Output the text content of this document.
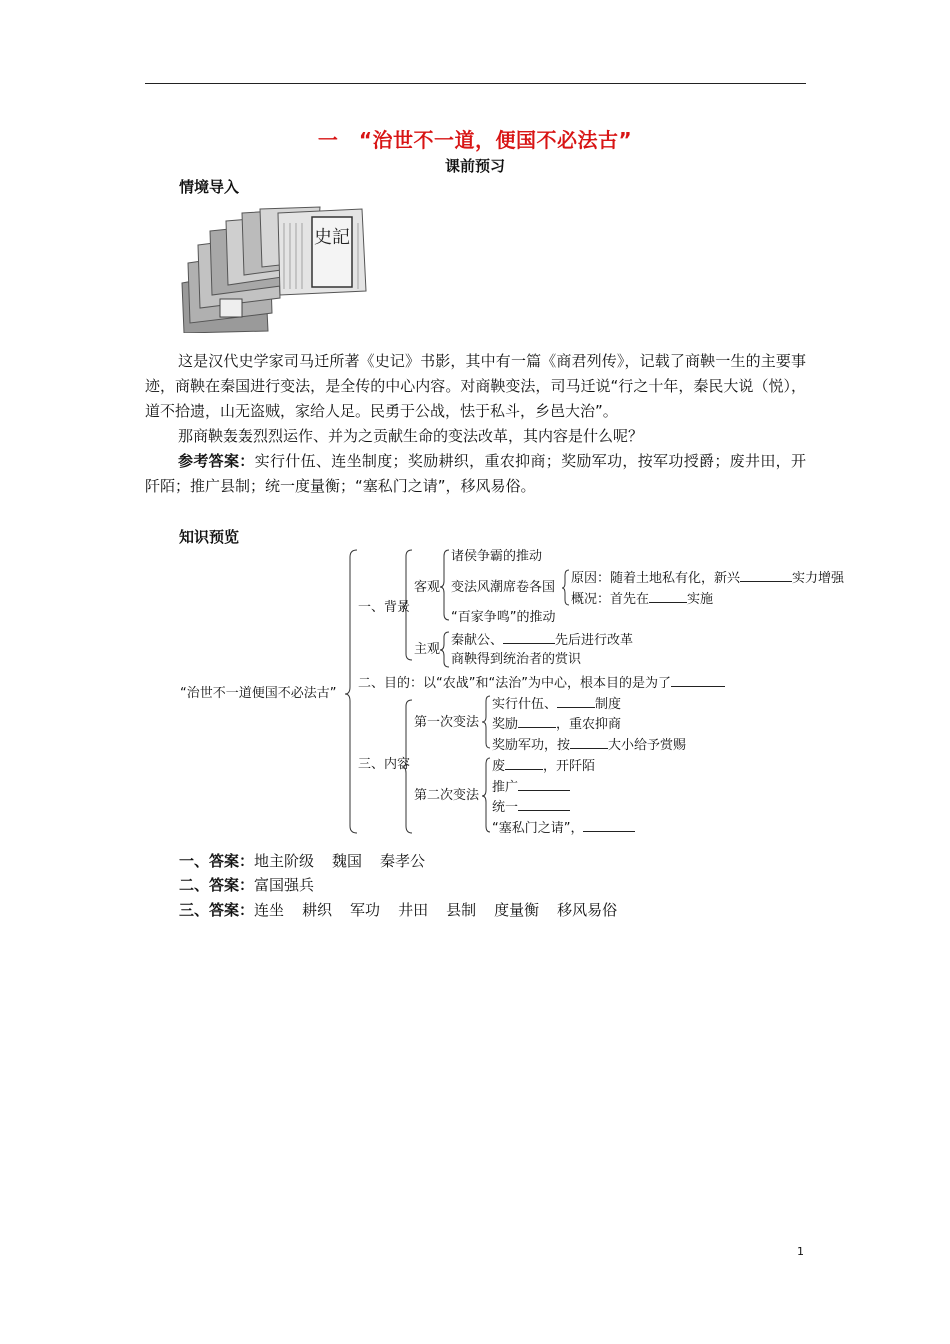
一　“治世不一道，便国不必法古”
课前预习
情境导入
史記
这是汉代史学家司马迁所著《史记》书影，其中有一篇《商君列传》，记载了商鞅一生的主要事迹，商鞅在秦国进行变法，是全传的中心内容。对商鞅变法，司马迁说“行之十年，秦民大说（悦），道不拾遗，山无盗贼，家给人足。民勇于公战，怯于私斗，乡邑大治”。
那商鞅轰轰烈烈运作、并为之贡献生命的变法改革，其内容是什么呢？
参考答案：实行什伍、连坐制度；奖励耕织，重农抑商；奖励军功，按军功授爵；废井田，开阡陌；推广县制；统一度量衡；“塞私门之请”，移风易俗。
知识预览
“治世不一道便国不必法古”
一、背景
客观
诸侯争霸的推动
变法风潮席卷各国
原因：随着土地私有化，新兴	实力增强
概况：首先在	实施
“百家争鸣”的推动
主观
秦献公、	先后进行改革
商鞅得到统治者的赏识
二、目的：以“农战”和“法治”为中心，根本目的是为了
三、内容
第一次变法
实行什伍、	制度
奖励	，重农抑商
奖励军功，按	大小给予赏赐
第二次变法
废	，开阡陌
推广
统一
“塞私门之请”，
一、答案：地主阶级 魏国 秦孝公
二、答案：富国强兵
三、答案：连坐 耕织 军功 井田 县制 度量衡 移风易俗
1
